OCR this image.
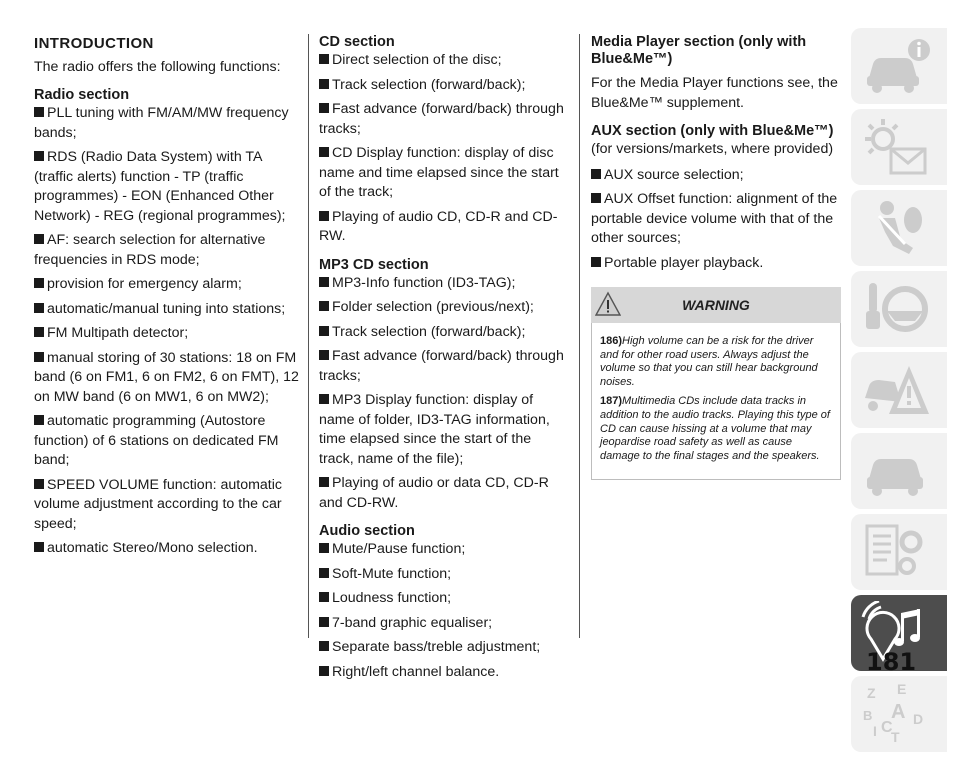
INTRODUCTION

The radio offers the following functions:

Radio section
PLL tuning with FM/AM/MW frequency bands;
RDS (Radio Data System) with TA (traffic alerts) function - TP (traffic programmes) - EON (Enhanced Other Network) - REG (regional programmes);
AF: search selection for alternative frequencies in RDS mode;
provision for emergency alarm;
automatic/manual tuning into stations;
FM Multipath detector;
manual storing of 30 stations: 18 on FM band (6 on FM1, 6 on FM2, 6 on FMT), 12 on MW band (6 on MW1, 6 on MW2);
automatic programming (Autostore function) of 6 stations on dedicated FM band;
SPEED VOLUME function: automatic volume adjustment according to the car speed;
automatic Stereo/Mono selection.
CD section
Direct selection of the disc;
Track selection (forward/back);
Fast advance (forward/back) through tracks;
CD Display function: display of disc name and time elapsed since the start of the track;
Playing of audio CD, CD-R and CD-RW.
MP3 CD section
MP3-Info function (ID3-TAG);
Folder selection (previous/next);
Track selection (forward/back);
Fast advance (forward/back) through tracks;
MP3 Display function: display of name of folder, ID3-TAG information, time elapsed since the start of the track, name of the file);
Playing of audio or data CD, CD-R and CD-RW.
Audio section
Mute/Pause function;
Soft-Mute function;
Loudness function;
7-band graphic equaliser;
Separate bass/treble adjustment;
Right/left channel balance.
Media Player section (only with Blue&Me™)

For the Media Player functions see, the Blue&Me™ supplement.

AUX section (only with Blue&Me™)
(for versions/markets, where provided)
AUX source selection;
AUX Offset function: alignment of the portable device volume with that of the other sources;
Portable player playback.
WARNING

186)High volume can be a risk for the driver and for other road users. Always adjust the volume so that you can still hear background noises.

187)Multimedia CDs include data tracks in addition to the audio tracks. Playing this type of CD can cause hissing at a volume that may jeopardise road safety as well as cause damage to the final stages and the speakers.

Z E
B A D
I C
T
181
